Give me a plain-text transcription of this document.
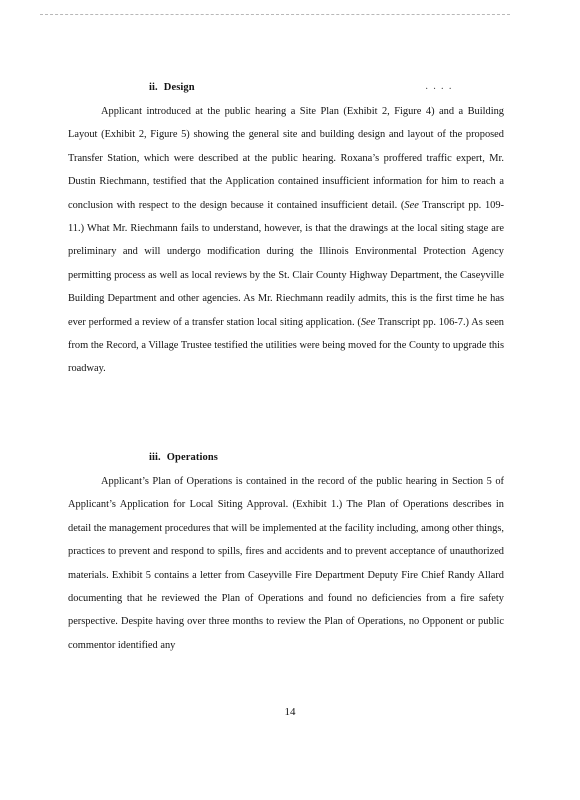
ii. Design	· · · ·

Applicant introduced at the public hearing a Site Plan (Exhibit 2, Figure 4) and a Building Layout (Exhibit 2, Figure 5) showing the general site and building design and layout of the proposed Transfer Station, which were described at the public hearing. Roxana’s proffered traffic expert, Mr. Dustin Riechmann, testified that the Application contained insufficient information for him to reach a conclusion with respect to the design because it contained insufficient detail. (See Transcript pp. 109-11.) What Mr. Riechmann fails to understand, however, is that the drawings at the local siting stage are preliminary and will undergo modification during the Illinois Environmental Protection Agency permitting process as well as local reviews by the St. Clair County Highway Department, the Caseyville Building Department and other agencies. As Mr. Riechmann readily admits, this is the first time he has ever performed a review of a transfer station local siting application. (See Transcript pp. 106-7.) As seen from the Record, a Village Trustee testified the utilities were being moved for the County to upgrade this roadway.

iii. Operations

Applicant’s Plan of Operations is contained in the record of the public hearing in Section 5 of Applicant’s Application for Local Siting Approval. (Exhibit 1.) The Plan of Operations describes in detail the management procedures that will be implemented at the facility including, among other things, practices to prevent and respond to spills, fires and accidents and to prevent acceptance of unauthorized materials. Exhibit 5 contains a letter from Caseyville Fire Department Deputy Fire Chief Randy Allard documenting that he reviewed the Plan of Operations and found no deficiencies from a fire safety perspective. Despite having over three months to review the Plan of Operations, no Opponent or public commentor identified any

14
